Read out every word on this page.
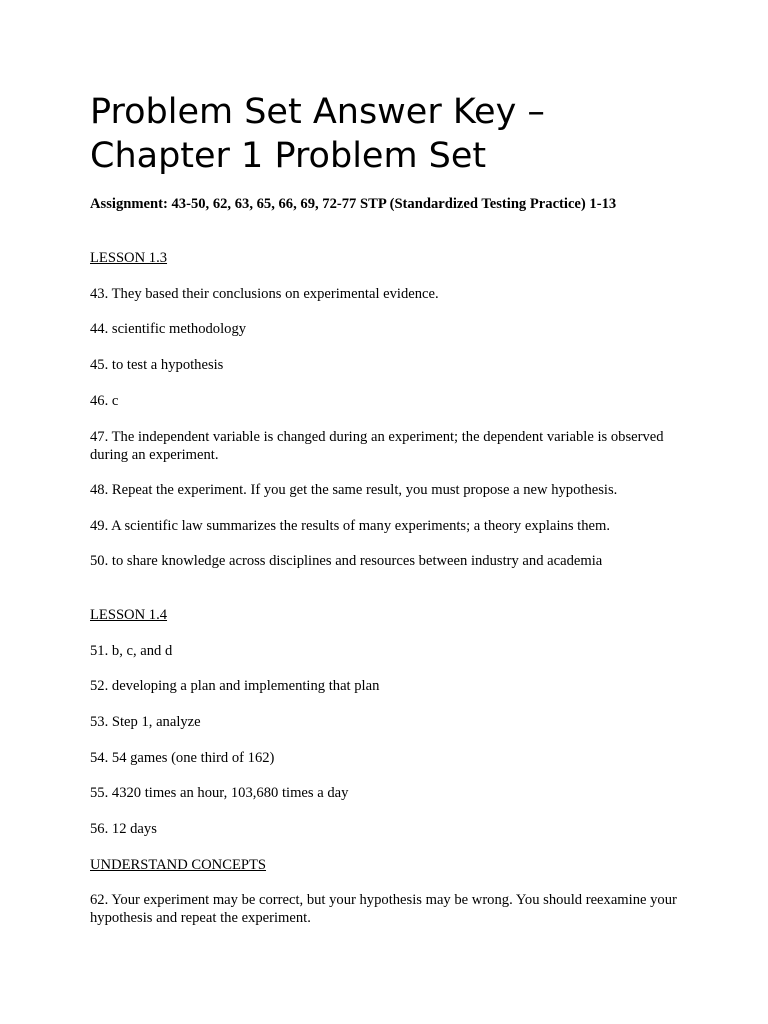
Problem Set Answer Key –
Chapter 1 Problem Set

Assignment: 43-50, 62, 63, 65, 66, 69, 72-77 STP (Standardized Testing Practice) 1-13

LESSON 1.3

43. They based their conclusions on experimental evidence.

44. scientific methodology

45. to test a hypothesis

46. c

47. The independent variable is changed during an experiment; the dependent variable is observed during an experiment.

48. Repeat the experiment. If you get the same result, you must propose a new hypothesis.

49. A scientific law summarizes the results of many experiments; a theory explains them.

50. to share knowledge across disciplines and resources between industry and academia

LESSON 1.4

51. b, c, and d

52. developing a plan and implementing that plan

53. Step 1, analyze

54. 54 games (one third of 162)

55. 4320 times an hour, 103,680 times a day

56. 12 days

UNDERSTAND CONCEPTS

62. Your experiment may be correct, but your hypothesis may be wrong. You should reexamine your hypothesis and repeat the experiment.
